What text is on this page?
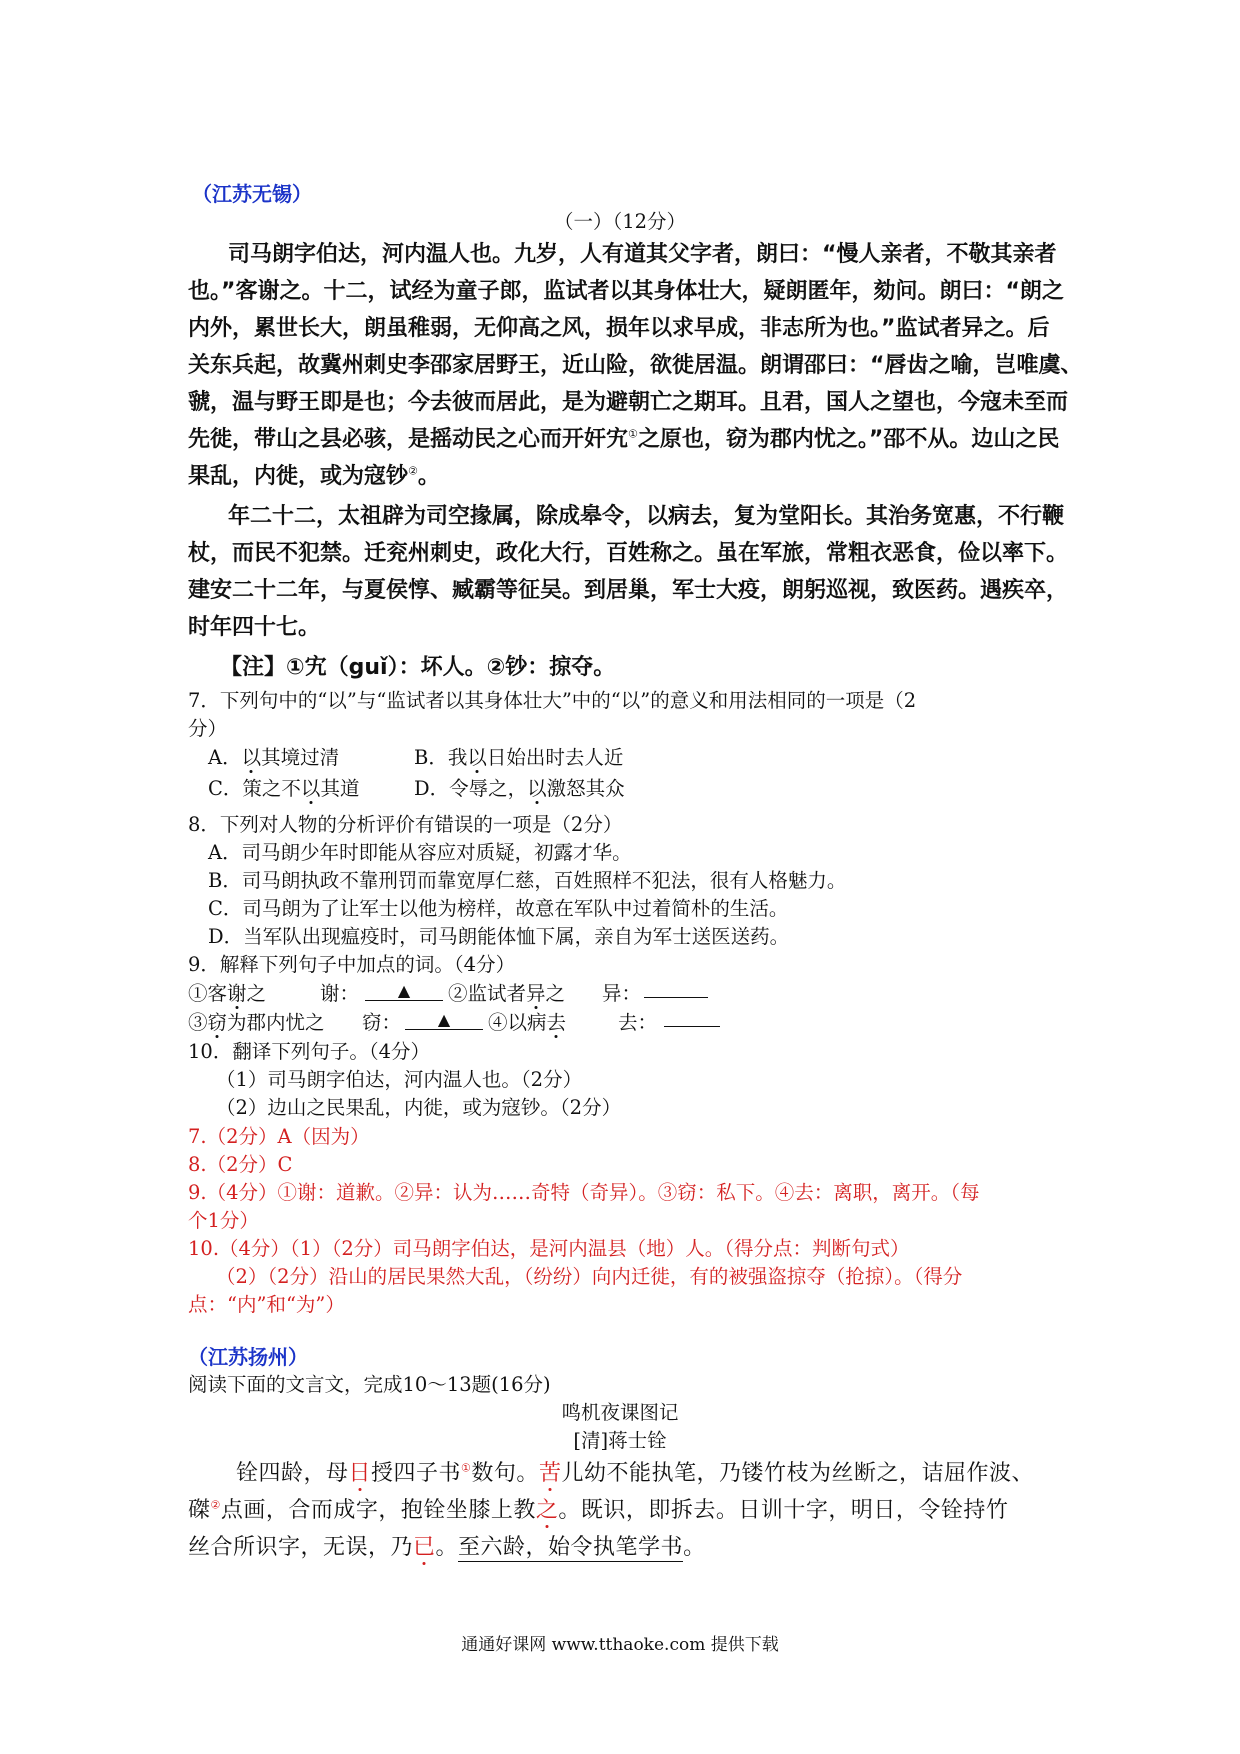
（江苏无锡）
（一）（12分）
司马朗字伯达，河内温人也。九岁，人有道其父字者，朗曰：“慢人亲者，不敬其亲者
也。”客谢之。十二，试经为童子郎，监试者以其身体壮大，疑朗匿年，劾问。朗曰：“朗之
内外，累世长大，朗虽稚弱，无仰高之风，损年以求早成，非志所为也。”监试者异之。后
关东兵起，故冀州刺史李邵家居野王，近山险，欲徙居温。朗谓邵曰：“唇齿之喻，岂唯虞、
虢，温与野王即是也；今去彼而居此，是为避朝亡之期耳。且君，国人之望也，今寇未至而
先徙，带山之县必骇，是摇动民之心而开奸宄①之原也，窃为郡内忧之。”邵不从。边山之民
果乱，内徙，或为寇钞②。
年二十二，太祖辟为司空掾属，除成皋令，以病去，复为堂阳长。其治务宽惠，不行鞭
杖，而民不犯禁。迁兖州刺史，政化大行，百姓称之。虽在军旅，常粗衣恶食，俭以率下。
建安二十二年，与夏侯惇、臧霸等征吴。到居巢，军士大疫，朗躬巡视，致医药。遇疾卒，
时年四十七。
【注】①宄（guǐ）：坏人。②钞：掠夺。
7．下列句中的“以”与“监试者以其身体壮大”中的“以”的意义和用法相同的一项是（2
分）
A．以其境过清	B．我以日始出时去人近
C．策之不以其道	D．令辱之，以激怒其众
8．下列对人物的分析评价有错误的一项是（2分）
A．司马朗少年时即能从容应对质疑，初露才华。
B．司马朗执政不靠刑罚而靠宽厚仁慈，百姓照样不犯法，很有人格魅力。
C．司马朗为了让军士以他为榜样，故意在军队中过着简朴的生活。
D．当军队出现瘟疫时，司马朗能体恤下属，亲自为军士送医送药。
9．解释下列句子中加点的词。（4分）
①客谢之	谢：	▲	②监试者异之 异：
③窃为郡内忧之 窃：	▲	④以病去	去：
10．翻译下列句子。（4分）
（1）司马朗字伯达，河内温人也。（2分）
（2）边山之民果乱，内徙，或为寇钞。（2分）
7.（2分）A（因为）
8.（2分）C
9.（4分）①谢：道歉。②异：认为……奇特（奇异）。③窃：私下。④去：离职，离开。（每
个1分）
10.（4分）（1）（2分）司马朗字伯达，是河内温县（地）人。（得分点：判断句式）
（2）（2分）沿山的居民果然大乱，（纷纷）向内迁徙，有的被强盗掠夺（抢掠）。（得分
点：“内”和“为”）
（江苏扬州）
阅读下面的文言文，完成10～13题(16分)
鸣机夜课图记
[清]蒋士铨
铨四龄，母日授四子书①数句。苦儿幼不能执笔，乃镂竹枝为丝断之，诘屈作波、
磔②点画，合而成字，抱铨坐膝上教之。既识，即拆去。日训十字，明日，令铨持竹
丝合所识字，无误，乃已。至六龄，始令执笔学书。
通通好课网 www.tthaoke.com 提供下载
